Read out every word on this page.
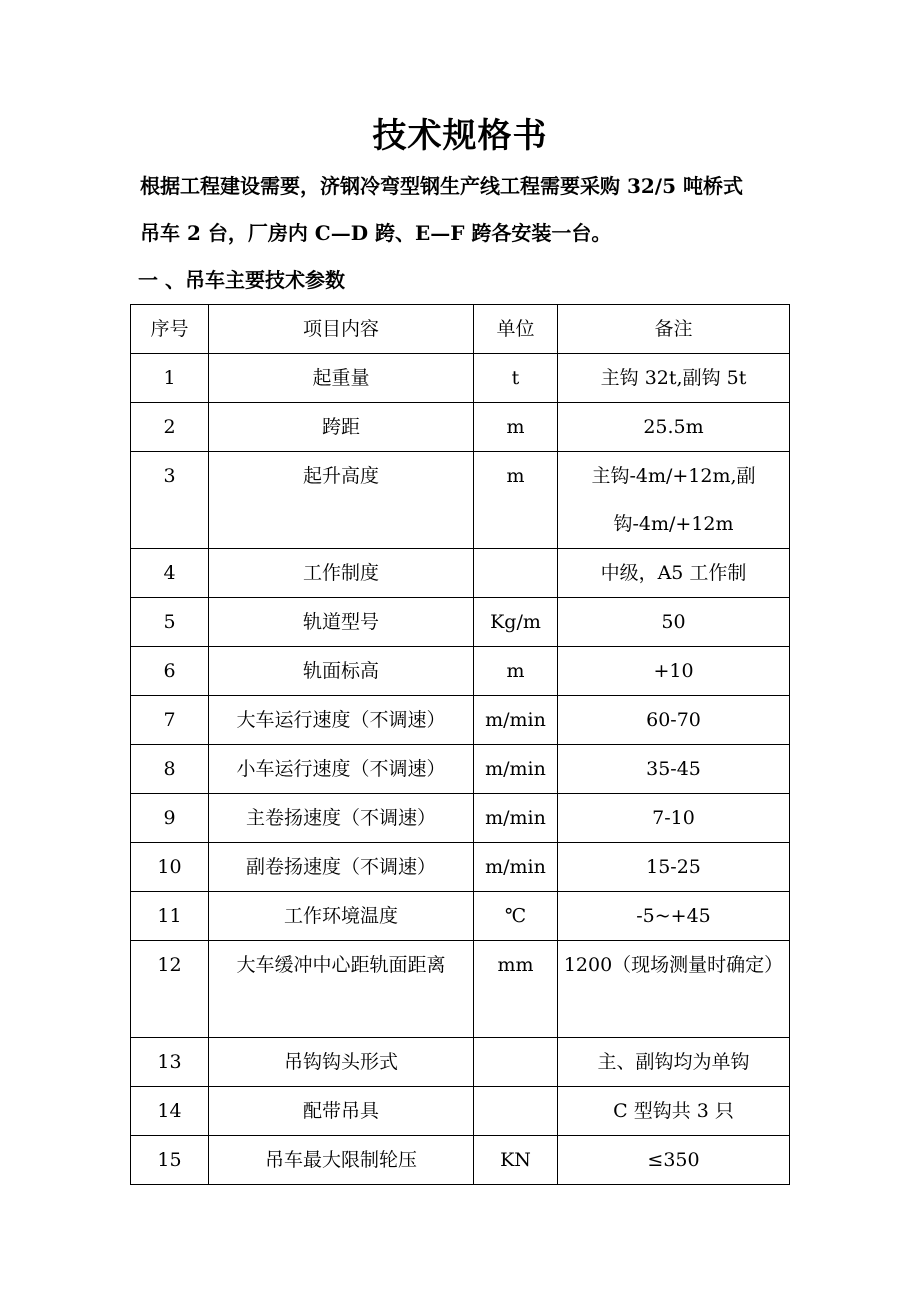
技术规格书
根据工程建设需要，济钢冷弯型钢生产线工程需要采购 32/5 吨桥式
吊车 2 台，厂房内 C—D 跨、E—F 跨各安装一台。
一 、吊车主要技术参数
序号	项目内容	单位	备注
1	起重量	t	主钩 32t,副钩 5t
2	跨距	m	25.5m
3	起升高度	m	主钩-4m/+12m,副钩-4m/+12m
4	工作制度		中级，A5 工作制
5	轨道型号	Kg/m	50
6	轨面标高	m	+10
7	大车运行速度（不调速）	m/min	60-70
8	小车运行速度（不调速）	m/min	35-45
9	主卷扬速度（不调速）	m/min	7-10
10	副卷扬速度（不调速）	m/min	15-25
11	工作环境温度	℃	-5~+45
12	大车缓冲中心距轨面距离	mm	1200（现场测量时确定）
13	吊钩钩头形式		主、副钩均为单钩
14	配带吊具		C 型钩共 3 只
15	吊车最大限制轮压	KN	≤350
